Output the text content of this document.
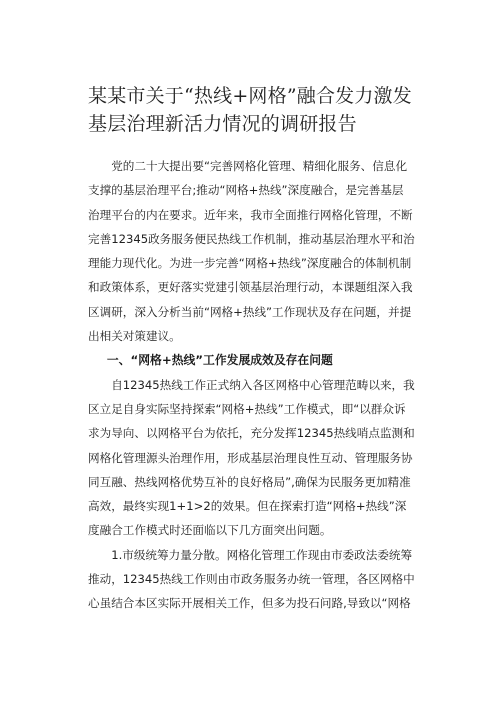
某某市关于“热线+网格”融合发力激发
基层治理新活力情况的调研报告
党的二十大提出要“完善网格化管理、精细化服务、信息化
支撑的基层治理平台;推动“网格+热线”深度融合，是完善基层
治理平台的内在要求。近年来，我市全面推行网格化管理，不断
完善12345政务服务便民热线工作机制，推动基层治理水平和治
理能力现代化。为进一步完善“网格+热线”深度融合的体制机制
和政策体系，更好落实党建引领基层治理行动，本课题组深入我
区调研，深入分析当前“网格+热线”工作现状及存在问题，并提
出相关对策建议。
一、“网格+热线”工作发展成效及存在问题
自12345热线工作正式纳入各区网格中心管理范畴以来，我
区立足自身实际坚持探索“网格+热线”工作模式，即“以群众诉
求为导向、以网格平台为依托，充分发挥12345热线哨点监测和
网格化管理源头治理作用，形成基层治理良性互动、管理服务协
同互融、热线网格优势互补的良好格局”,确保为民服务更加精准
高效，最终实现1+1>2的效果。但在探索打造“网格+热线”深
度融合工作模式时还面临以下几方面突出问题。
1.市级统筹力量分散。网格化管理工作现由市委政法委统筹
推动，12345热线工作则由市政务服务办统一管理，各区网格中
心虽结合本区实际开展相关工作，但多为投石问路,导致以“网格
